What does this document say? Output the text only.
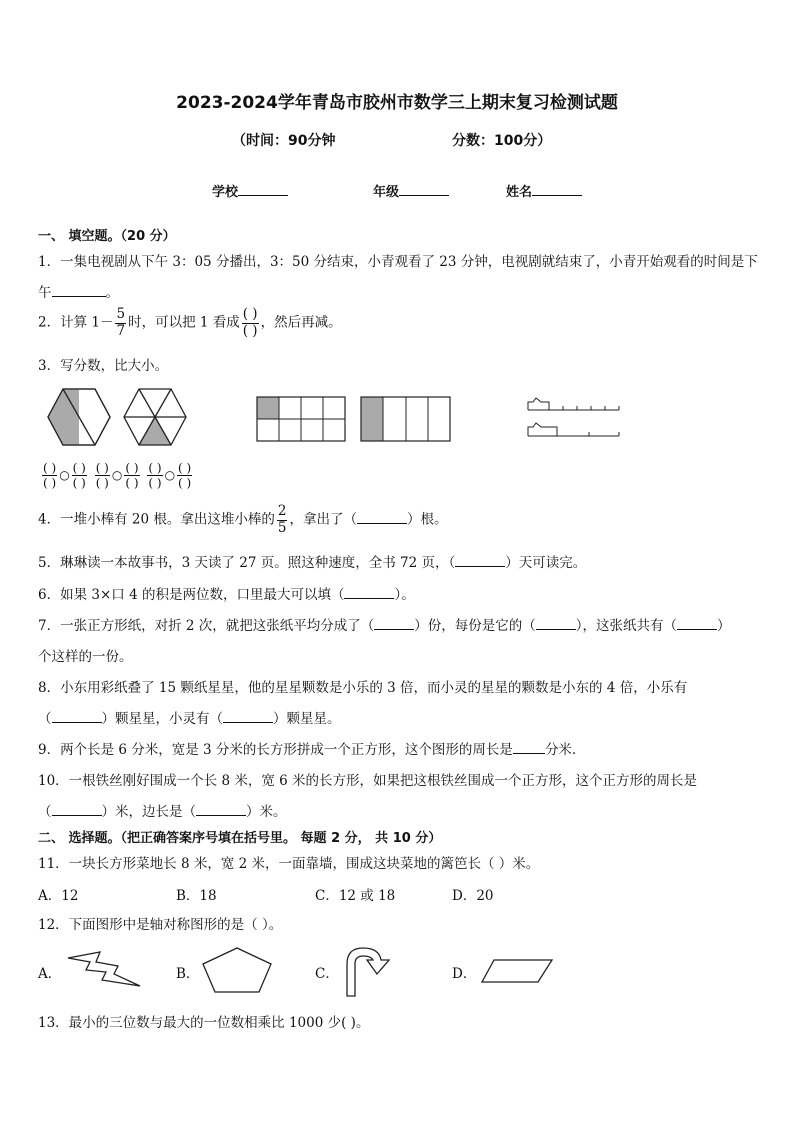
2023-2024学年青岛市胶州市数学三上期末复习检测试题
（时间：90分钟	分数：100分）
学校	年级	姓名
一、 填空题。（20 分）
1．一集电视剧从下午 3：05 分播出，3：50 分结束，小青观看了 23 分钟，电视剧就结束了，小青开始观看的时间是下
午	。
2．计算 $1- \frac{5}{7}$ 时，可以把 1 看成 $\frac{( )}{( )}$ ，然后再减。
3．写分数，比大小。
$\frac{( )}{( )}$ ○ $\frac{( )}{( )}$
$\frac{( )}{( )}$ ○ $\frac{( )}{( )}$
$\frac{( )}{( )}$ ○ $\frac{( )}{( )}$
4．一堆小棒有 20 根。拿出这堆小棒的 $\frac{2}{5}$ ，拿出了（	）根。
5．琳琳读一本故事书，3 天读了 27 页。照这种速度，全书 72 页，（	）天可读完。
6．如果 3×口 4 的积是两位数，口里最大可以填（	）。
7．一张正方形纸，对折 2 次，就把这张纸平均分成了（	）份，每份是它的（	），这张纸共有（	）
个这样的一份。
8．小东用彩纸叠了 15 颗纸星星，他的星星颗数是小乐的 3 倍，而小灵的星星的颗数是小东的 4 倍，小乐有
（	）颗星星，小灵有（	）颗星星。
9．两个长是 6 分米，宽是 3 分米的长方形拼成一个正方形，这个图形的周长是 分米．
10．一根铁丝刚好围成一个长 8 米，宽 6 米的长方形，如果把这根铁丝围成一个正方形，这个正方形的周长是
（	）米，边长是（	）米。
二、 选择题。（把正确答案序号填在括号里。 每题 2 分， 共 10 分）
11．一块长方形菜地长 8 米，宽 2 米，一面靠墙，围成这块菜地的篱笆长（ ）米。
A．12	B．18	C．12 或 18	D．20
12．下面图形中是轴对称图形的是（ ）。
A．	B．	C．	D．
13．最小的三位数与最大的一位数相乘比 1000 少( )。
